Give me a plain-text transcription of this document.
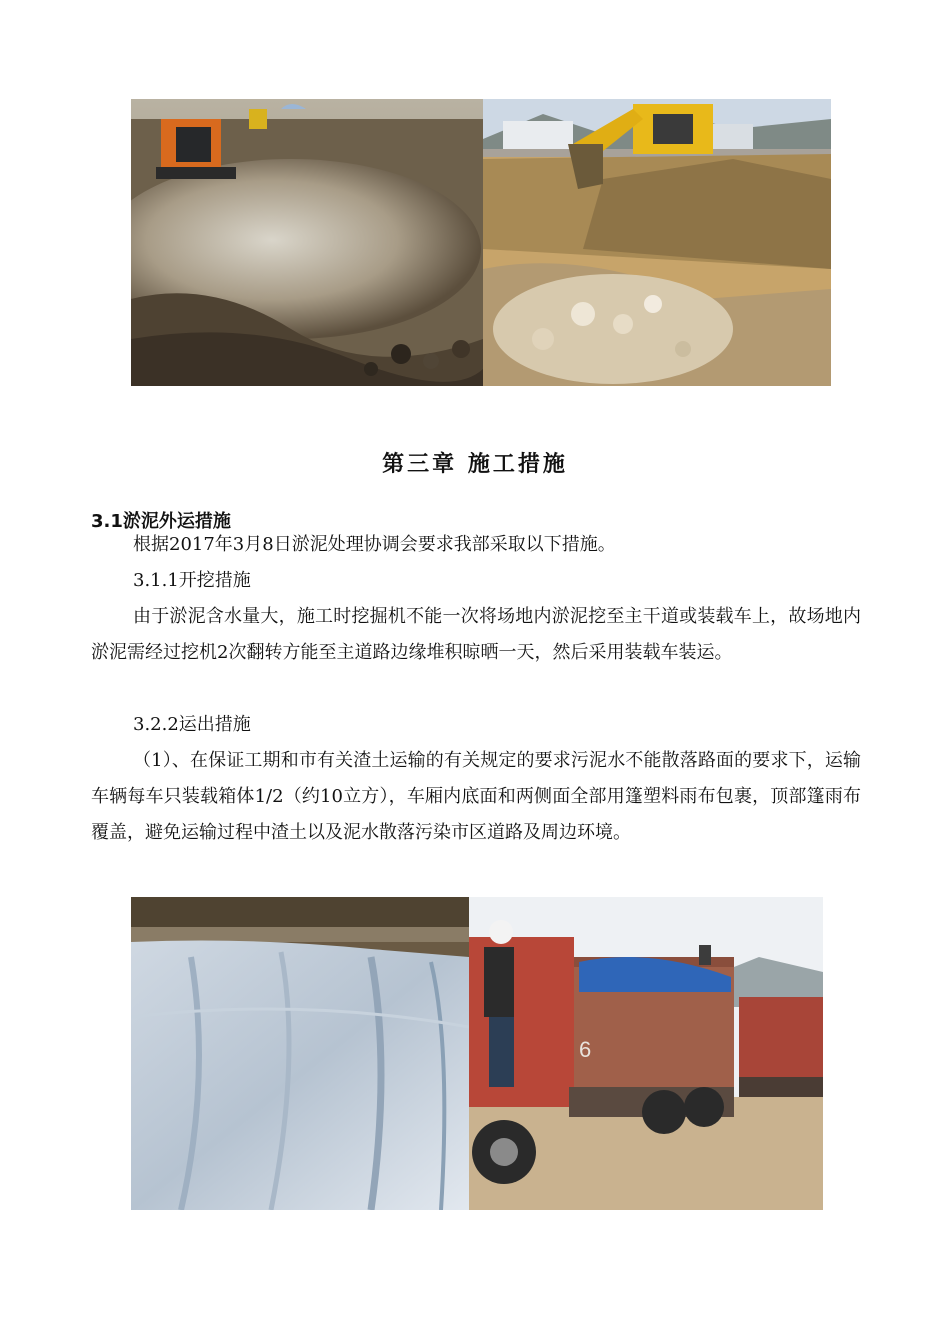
第三章 施工措施
3.1淤泥外运措施

根据2017年3月8日淤泥处理协调会要求我部采取以下措施。

3.1.1开挖措施

由于淤泥含水量大，施工时挖掘机不能一次将场地内淤泥挖至主干道或装载车上，故场地内淤泥需经过挖机2次翻转方能至主道路边缘堆积晾晒一天，然后采用装载车装运。

3.2.2运出措施

（1）、在保证工期和市有关渣土运输的有关规定的要求污泥水不能散落路面的要求下，运输车辆每车只装载箱体1/2（约10立方），车厢内底面和两侧面全部用篷塑料雨布包裹，顶部篷雨布覆盖，避免运输过程中渣土以及泥水散落污染市区道路及周边环境。

6
